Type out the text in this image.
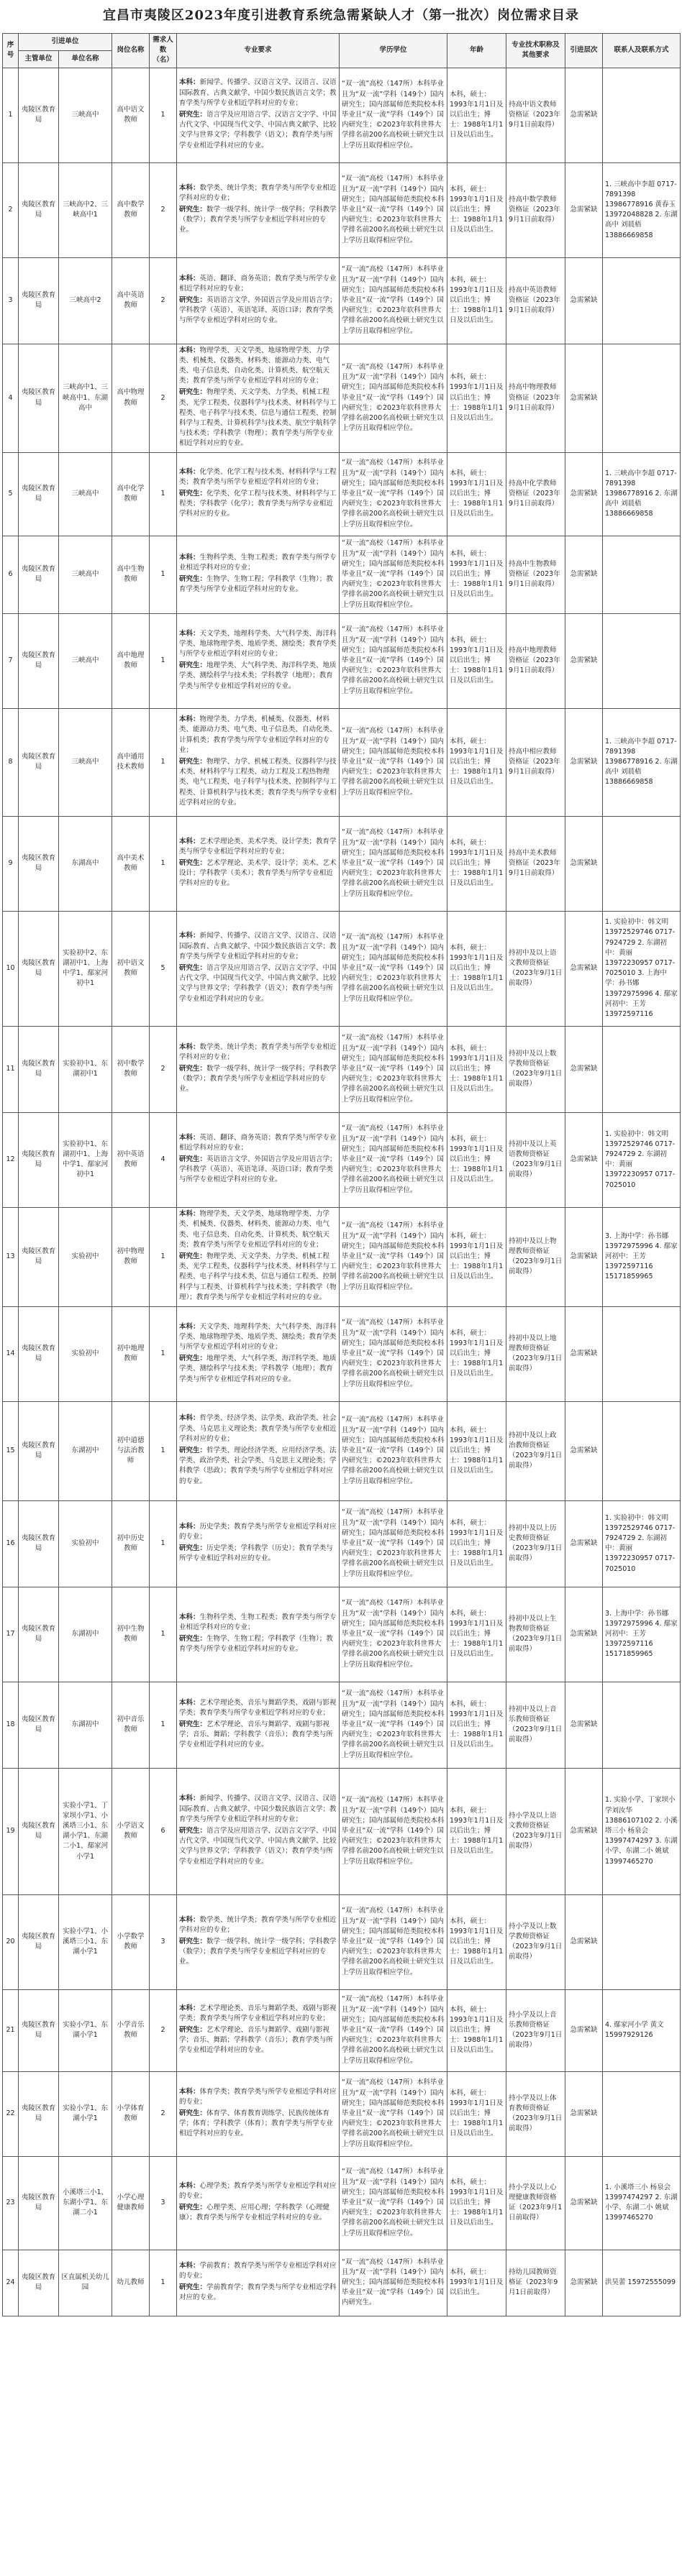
宜昌市夷陵区2023年度引进教育系统急需紧缺人才（第一批次）岗位需求目录
序号	引进单位		岗位名称	需求人数（名）	专业要求	学历学位	年龄	专业技术职称及其他要求	引进层次	联系人及联系方式
	主管单位	单位名称								
1	夷陵区教育局	三峡高中	高中语文教师	1	本科：新闻学、传播学、汉语言文学、汉语言、汉语国际教育、古典文献学、中国少数民族语言文学；教育学类与所学专业相近学科对应的专业；

研究生：语言学及应用语言学、汉语言文字学、中国古代文学、中国现当代文学、中国古典文献学、比较文学与世界文学；学科教学（语文）；教育学类与所学专业相近学科对应的专业。	“双一流”高校（147所）本科毕业且为“双一流”学科（149个）国内研究生；国内部属师范类院校本科毕业且“双一流”学科（149个）国内研究生；©2023年软科世界大学排名前200名高校硕士研究生以上学历且取得相应学位。	本科，硕士：1993年1月1日及以后出生；博士：1988年1月1日及以后出生。	持高中语文教师资格证（2023年9月1日前取得）	急需紧缺	
2	夷陵区教育局	三峡高中2、三峡高中1	高中数学教师	2	本科：数学类、统计学类；教育学类与所学专业相近学科对应的专业；

研究生：数学一级学科、统计学一级学科；学科教学（数学）；教育学类与所学专业相近学科对应的专业。	“双一流”高校（147所）本科毕业且为“双一流”学科（149个）国内研究生；国内部属师范类院校本科毕业且“双一流”学科（149个）国内研究生；©2023年软科世界大学排名前200名高校硕士研究生以上学历且取得相应学位。	本科，硕士：1993年1月1日及以后出生；博士：1988年1月1日及以后出生。	持高中数学教师资格证（2023年9月1日前取得）	急需紧缺	1. 三峡高中李超 0717-7891398 13986778916 黄春玉 13972048828 2. 东湖高中 刘晨梧 13886669858
3	夷陵区教育局	三峡高中2	高中英语教师	2	本科：英语、翻译、商务英语；教育学类与所学专业相近学科对应的专业；

研究生：英语语言文学、外国语言学及应用语言学；学科教学（英语）、英语笔译、英语口译；教育学类与所学专业相近学科对应的专业。	“双一流”高校（147所）本科毕业且为“双一流”学科（149个）国内研究生；国内部属师范类院校本科毕业且“双一流”学科（149个）国内研究生；©2023年软科世界大学排名前200名高校硕士研究生以上学历且取得相应学位。	本科，硕士：1993年1月1日及以后出生；博士：1988年1月1日及以后出生。	持高中英语教师资格证（2023年9月1日前取得）	急需紧缺	
4	夷陵区教育局	三峡高中1、三峡高中1、东湖高中	高中物理教师	2	本科：物理学类、天文学类、地球物理学类、力学类、机械类、仪器类、材料类、能源动力类、电气类、电子信息类、自动化类、计算机类、航空航天类；教育学类与所学专业相近学科对应的专业；

研究生：物理学类、天文学类、力学类、机械工程类、光学工程类、仪器科学与技术类、材料科学与工程类、电子科学与技术类、信息与通信工程类、控制科学与工程类、计算机科学与技术类、航空宇航科学与技术类；学科教学（物理）；教育学类与所学专业相近学科对应的专业。	“双一流”高校（147所）本科毕业且为“双一流”学科（149个）国内研究生；国内部属师范类院校本科毕业且“双一流”学科（149个）国内研究生；©2023年软科世界大学排名前200名高校硕士研究生以上学历且取得相应学位。	本科，硕士：1993年1月1日及以后出生；博士：1988年1月1日及以后出生。	持高中物理教师资格证（2023年9月1日前取得）	急需紧缺	
5	夷陵区教育局	三峡高中	高中化学教师	1	本科：化学类、化学工程与技术类、材料科学与工程类；教育学类与所学专业相近学科对应的专业；

研究生：化学类、化学工程与技术类、材料科学与工程类；学科教学（化学）；教育学类与所学专业相近学科对应的专业。	“双一流”高校（147所）本科毕业且为“双一流”学科（149个）国内研究生；国内部属师范类院校本科毕业且“双一流”学科（149个）国内研究生；©2023年软科世界大学排名前200名高校硕士研究生以上学历且取得相应学位。	本科，硕士：1993年1月1日及以后出生；博士：1988年1月1日及以后出生。	持高中化学教师资格证（2023年9月1日前取得）	急需紧缺	1. 三峡高中李超 0717-7891398 13986778916 2. 东湖高中 刘晨梧 13886669858
6	夷陵区教育局	三峡高中	高中生物教师	1	本科：生物科学类、生物工程类；教育学类与所学专业相近学科对应的专业；

研究生：生物学、生物工程；学科教学（生物）；教育学类与所学专业相近学科对应的专业。	“双一流”高校（147所）本科毕业且为“双一流”学科（149个）国内研究生；国内部属师范类院校本科毕业且“双一流”学科（149个）国内研究生；©2023年软科世界大学排名前200名高校硕士研究生以上学历且取得相应学位。	本科，硕士：1993年1月1日及以后出生；博士：1988年1月1日及以后出生。	持高中生物教师资格证（2023年9月1日前取得）	急需紧缺	
7	夷陵区教育局	三峡高中	高中地理教师	1	本科：天文学类、地理科学类、大气科学类、海洋科学类、地球物理学类、地质学类、测绘类；教育学类与所学专业相近学科对应的专业；

研究生：地理学类、大气科学类、海洋科学类、地质学类、测绘科学与技术类；学科教学（地理）；教育学类与所学专业相近学科对应的专业。	“双一流”高校（147所）本科毕业且为“双一流”学科（149个）国内研究生；国内部属师范类院校本科毕业且“双一流”学科（149个）国内研究生；©2023年软科世界大学排名前200名高校硕士研究生以上学历且取得相应学位。	本科，硕士：1993年1月1日及以后出生；博士：1988年1月1日及以后出生。	持高中地理教师资格证（2023年9月1日前取得）	急需紧缺	
8	夷陵区教育局	三峡高中	高中通用技术教师	1	本科：物理学类、力学类、机械类、仪器类、材料类、能源动力类、电气类、电子信息类、自动化类、计算机类；教育学类与所学专业相近学科对应的专业；

研究生：物理学、力学、机械工程类、仪器科学与技术类、材料科学与工程类、动力工程及工程热物理类、电气工程类、电子科学与技术类、控制科学与工程类、计算机科学与技术类；教育学类与所学专业相近学科对应的专业。	“双一流”高校（147所）本科毕业且为“双一流”学科（149个）国内研究生；国内部属师范类院校本科毕业且“双一流”学科（149个）国内研究生；©2023年软科世界大学排名前200名高校硕士研究生以上学历且取得相应学位。	本科，硕士：1993年1月1日及以后出生；博士：1988年1月1日及以后出生。	持高中相应教师资格证（2023年9月1日前取得）	急需紧缺	1. 三峡高中李超 0717-7891398 13986778916 2. 东湖高中 刘晨梧 13886669858
9	夷陵区教育局	东湖高中	高中美术教师	1	本科：艺术学理论类、美术学类、设计学类；教育学类与所学专业相近学科对应的专业；

研究生：艺术学理论、美术学、设计学；美术、艺术设计；学科教学（美术）；教育学类与所学专业相近学科对应的专业。	“双一流”高校（147所）本科毕业且为“双一流”学科（149个）国内研究生；国内部属师范类院校本科毕业且“双一流”学科（149个）国内研究生；©2023年软科世界大学排名前200名高校硕士研究生以上学历且取得相应学位。	本科，硕士：1993年1月1日及以后出生；博士：1988年1月1日及以后出生。	持高中美术教师资格证（2023年9月1日前取得）	急需紧缺	
10	夷陵区教育局	实验初中2、东湖初中1、上海中学1、鄢家河初中1	初中语文教师	5	本科：新闻学、传播学、汉语言文学、汉语言、汉语国际教育、古典文献学、中国少数民族语言文学；教育学类与所学专业相近学科对应的专业；

研究生：语言学及应用语言学、汉语言文字学、中国古代文学、中国现当代文学、中国古典文献学、比较文学与世界文学；学科教学（语文）；教育学类与所学专业相近学科对应的专业。	“双一流”高校（147所）本科毕业且为“双一流”学科（149个）国内研究生；国内部属师范类院校本科毕业且“双一流”学科（149个）国内研究生；©2023年软科世界大学排名前200名高校硕士研究生以上学历且取得相应学位。	本科，硕士：1993年1月1日及以后出生；博士：1988年1月1日及以后出生。	持初中及以上语文教师资格证（2023年9月1日前取得）	急需紧缺	1. 实验初中：韩文明 13972529746 0717-7924729 2. 东湖初中：黄丽 13972230957 0717-7025010 3. 上海中学：孙书娜 13972975996 4. 鄢家河初中：王芳 13972597116
11	夷陵区教育局	实验初中1、东湖初中1	初中数学教师	2	本科：数学类、统计学类；教育学类与所学专业相近学科对应的专业；

研究生：数学一级学科、统计学一级学科；学科教学（数学）；教育学类与所学专业相近学科对应的专业。	“双一流”高校（147所）本科毕业且为“双一流”学科（149个）国内研究生；国内部属师范类院校本科毕业且“双一流”学科（149个）国内研究生；©2023年软科世界大学排名前200名高校硕士研究生以上学历且取得相应学位。	本科，硕士：1993年1月1日及以后出生；博士：1988年1月1日及以后出生。	持初中及以上数学教师资格证（2023年9月1日前取得）	急需紧缺	
12	夷陵区教育局	实验初中1、东湖初中1、上海中学1、鄢家河初中1	初中英语教师	4	本科：英语、翻译、商务英语；教育学类与所学专业相近学科对应的专业；

研究生：英语语言文学、外国语言学及应用语言学；学科教学（英语）、英语笔译、英语口译；教育学类与所学专业相近学科对应的专业。	“双一流”高校（147所）本科毕业且为“双一流”学科（149个）国内研究生；国内部属师范类院校本科毕业且“双一流”学科（149个）国内研究生；©2023年软科世界大学排名前200名高校硕士研究生以上学历且取得相应学位。	本科，硕士：1993年1月1日及以后出生；博士：1988年1月1日及以后出生。	持初中及以上英语教师资格证（2023年9月1日前取得）	急需紧缺	1. 实验初中：韩文明 13972529746 0717-7924729 2. 东湖初中：黄丽 13972230957 0717-7025010
13	夷陵区教育局	实验初中	初中物理教师	1	本科：物理学类、天文学类、地球物理学类、力学类、机械类、仪器类、材料类、能源动力类、电气类、电子信息类、自动化类、计算机类、航空航天类；教育学类与所学专业相近学科对应的专业；

研究生：物理学类、天文学类、力学类、机械工程类、光学工程类、仪器科学与技术类、材料科学与工程类、电子科学与技术类、信息与通信工程类、控制科学与工程类、计算机科学与技术类；学科教学（物理）；教育学类与所学专业相近学科对应的专业。	“双一流”高校（147所）本科毕业且为“双一流”学科（149个）国内研究生；国内部属师范类院校本科毕业且“双一流”学科（149个）国内研究生；©2023年软科世界大学排名前200名高校硕士研究生以上学历且取得相应学位。	本科，硕士：1993年1月1日及以后出生；博士：1988年1月1日及以后出生。	持初中及以上物理教师资格证（2023年9月1日前取得）	急需紧缺	3. 上海中学：孙书娜 13972975996 4. 鄢家河初中：王芳 13972597116 15171859965
14	夷陵区教育局	实验初中	初中地理教师	1	本科：天文学类、地理科学类、大气科学类、海洋科学类、地球物理学类、地质学类、测绘类；教育学类与所学专业相近学科对应的专业；

研究生：地理学类、大气科学类、海洋科学类、地质学类、测绘科学与技术类；学科教学（地理）；教育学类与所学专业相近学科对应的专业。	“双一流”高校（147所）本科毕业且为“双一流”学科（149个）国内研究生；国内部属师范类院校本科毕业且“双一流”学科（149个）国内研究生；©2023年软科世界大学排名前200名高校硕士研究生以上学历且取得相应学位。	本科，硕士：1993年1月1日及以后出生；博士：1988年1月1日及以后出生。	持初中及以上地理教师资格证（2023年9月1日前取得）	急需紧缺	
15	夷陵区教育局	东湖初中	初中道德与法治教师	1	本科：哲学类、经济学类、法学类、政治学类、社会学类、马克思主义理论类；教育学类与所学专业相近学科对应的专业；

研究生：哲学类、理论经济学类、应用经济学类、法学类、政治学类、社会学类、马克思主义理论类；学科教学（思政）；教育学类与所学专业相近学科对应的专业。	“双一流”高校（147所）本科毕业且为“双一流”学科（149个）国内研究生；国内部属师范类院校本科毕业且“双一流”学科（149个）国内研究生；©2023年软科世界大学排名前200名高校硕士研究生以上学历且取得相应学位。	本科，硕士：1993年1月1日及以后出生；博士：1988年1月1日及以后出生。	持初中及以上政治教师资格证（2023年9月1日前取得）	急需紧缺	
16	夷陵区教育局	实验初中	初中历史教师	1	本科：历史学类；教育学类与所学专业相近学科对应的专业；

研究生：历史学类；学科教学（历史）；教育学类与所学专业相近学科对应的专业。	“双一流”高校（147所）本科毕业且为“双一流”学科（149个）国内研究生；国内部属师范类院校本科毕业且“双一流”学科（149个）国内研究生；©2023年软科世界大学排名前200名高校硕士研究生以上学历且取得相应学位。	本科，硕士：1993年1月1日及以后出生；博士：1988年1月1日及以后出生。	持初中及以上历史教师资格证（2023年9月1日前取得）	急需紧缺	1. 实验初中：韩文明 13972529746 0717-7924729 2. 东湖初中：黄丽 13972230957 0717-7025010
17	夷陵区教育局	东湖初中	初中生物教师	1	本科：生物科学类、生物工程类；教育学类与所学专业相近学科对应的专业；

研究生：生物学、生物工程；学科教学（生物）；教育学类与所学专业相近学科对应的专业。	“双一流”高校（147所）本科毕业且为“双一流”学科（149个）国内研究生；国内部属师范类院校本科毕业且“双一流”学科（149个）国内研究生；©2023年软科世界大学排名前200名高校硕士研究生以上学历且取得相应学位。	本科，硕士：1993年1月1日及以后出生；博士：1988年1月1日及以后出生。	持初中及以上生物教师资格证（2023年9月1日前取得）	急需紧缺	3. 上海中学：孙书娜 13972975996 4. 鄢家河初中：王芳 13972597116 15171859965
18	夷陵区教育局	东湖初中	初中音乐教师	1	本科：艺术学理论类、音乐与舞蹈学类、戏剧与影视学类；教育学类与所学专业相近学科对应的专业；

研究生：艺术学理论、音乐与舞蹈学、戏剧与影视学；音乐、舞蹈；学科教学（音乐）；教育学类与所学专业相近学科对应的专业。	“双一流”高校（147所）本科毕业且为“双一流”学科（149个）国内研究生；国内部属师范类院校本科毕业且“双一流”学科（149个）国内研究生；©2023年软科世界大学排名前200名高校硕士研究生以上学历且取得相应学位。	本科，硕士：1993年1月1日及以后出生；博士：1988年1月1日及以后出生。	持初中及以上音乐教师资格证（2023年9月1日前取得）	急需紧缺	
19	夷陵区教育局	实验小学1、丁家坝小学1、小溪塔三小1、东湖小学1、东湖二小1、鄢家河小学1	小学语文教师	6	本科：新闻学、传播学、汉语言文学、汉语言、汉语国际教育、古典文献学、中国少数民族语言文学；教育学类与所学专业相近学科对应的专业；

研究生：语言学及应用语言学、汉语言文字学、中国古代文学、中国现当代文学、中国古典文献学、比较文学与世界文学；学科教学（语文）；教育学类与所学专业相近学科对应的专业。	“双一流”高校（147所）本科毕业且为“双一流”学科（149个）国内研究生；国内部属师范类院校本科毕业且“双一流”学科（149个）国内研究生；©2023年软科世界大学排名前200名高校硕士研究生以上学历且取得相应学位。	本科，硕士：1993年1月1日及以后出生；博士：1988年1月1日及以后出生。	持小学及以上语文教师资格证（2023年9月1日前取得）	急需紧缺	1. 实验小学、丁家坝小学刘汝华 13886107102 2. 小溪塔三小 杨泉会 13997474297 3. 东湖小学、东湖二小 姚斌 13997465270
20	夷陵区教育局	实验小学1、小溪塔三小1、东湖小学1	小学数学教师	3	本科：数学类、统计学类；教育学类与所学专业相近学科对应的专业；

研究生：数学一级学科、统计学一级学科；学科教学（数学）；教育学类与所学专业相近学科对应的专业。	“双一流”高校（147所）本科毕业且为“双一流”学科（149个）国内研究生；国内部属师范类院校本科毕业且“双一流”学科（149个）国内研究生；©2023年软科世界大学排名前200名高校硕士研究生以上学历且取得相应学位。	本科，硕士：1993年1月1日及以后出生；博士：1988年1月1日及以后出生。	持小学及以上数学教师资格证（2023年9月1日前取得）	急需紧缺	
21	夷陵区教育局	实验小学1、东湖小学1	小学音乐教师	2	本科：艺术学理论类、音乐与舞蹈学类、戏剧与影视学类；教育学类与所学专业相近学科对应的专业；

研究生：艺术学理论、音乐与舞蹈学、戏剧与影视学；音乐、舞蹈；学科教学（音乐）；教育学类与所学专业相近学科对应的专业。	“双一流”高校（147所）本科毕业且为“双一流”学科（149个）国内研究生；国内部属师范类院校本科毕业且“双一流”学科（149个）国内研究生；©2023年软科世界大学排名前200名高校硕士研究生以上学历且取得相应学位。	本科，硕士：1993年1月1日及以后出生；博士：1988年1月1日及以后出生。	持小学及以上音乐教师资格证（2023年9月1日前取得）	急需紧缺	4. 鄢家河小学 黄文 15997929126
22	夷陵区教育局	实验小学1、东湖小学1	小学体育教师	2	本科：体育学类；教育学类与所学专业相近学科对应的专业；

研究生：体育学、体育教育训练学、民族传统体育学；体育；学科教学（体育）；教育学类与所学专业相近学科对应的专业。	“双一流”高校（147所）本科毕业且为“双一流”学科（149个）国内研究生；国内部属师范类院校本科毕业且“双一流”学科（149个）国内研究生；©2023年软科世界大学排名前200名高校硕士研究生以上学历且取得相应学位。	本科，硕士：1993年1月1日及以后出生；博士：1988年1月1日及以后出生。	持小学及以上体育教师资格证（2023年9月1日前取得）	急需紧缺	
23	夷陵区教育局	小溪塔三小1、东湖小学1、东湖二小1	小学心理健康教师	3	本科：心理学类；教育学类与所学专业相近学科对应的专业；

研究生：心理学类、应用心理；学科教学（心理健康）；教育学类与所学专业相近学科对应的专业。	“双一流”高校（147所）本科毕业且为“双一流”学科（149个）国内研究生；国内部属师范类院校本科毕业且“双一流”学科（149个）国内研究生；©2023年软科世界大学排名前200名高校硕士研究生以上学历且取得相应学位。	本科，硕士：1993年1月1日及以后出生；博士：1988年1月1日及以后出生。	持小学及以上心理健康教师资格证（2023年9月1日前取得）	急需紧缺	1. 小溪塔三小 杨泉会 13997474297 2. 东湖小学、东湖二小 姚斌 13997465270
24	夷陵区教育局	区直属机关幼儿园	幼儿教师	1	本科：学前教育；教育学类与所学专业相近学科对应的专业；

研究生：学前教育学；教育学类与所学专业相近学科对应的专业。	“双一流”高校（147所）本科毕业且为“双一流”学科（149个）国内研究生；国内部属师范类院校本科毕业且“双一流”学科（149个）国内研究生。	本科，硕士：1993年1月1日及以后出生。	持幼儿园教师资格证（2023年9月1日前取得）	急需紧缺	洪昊蕾 15972555099
